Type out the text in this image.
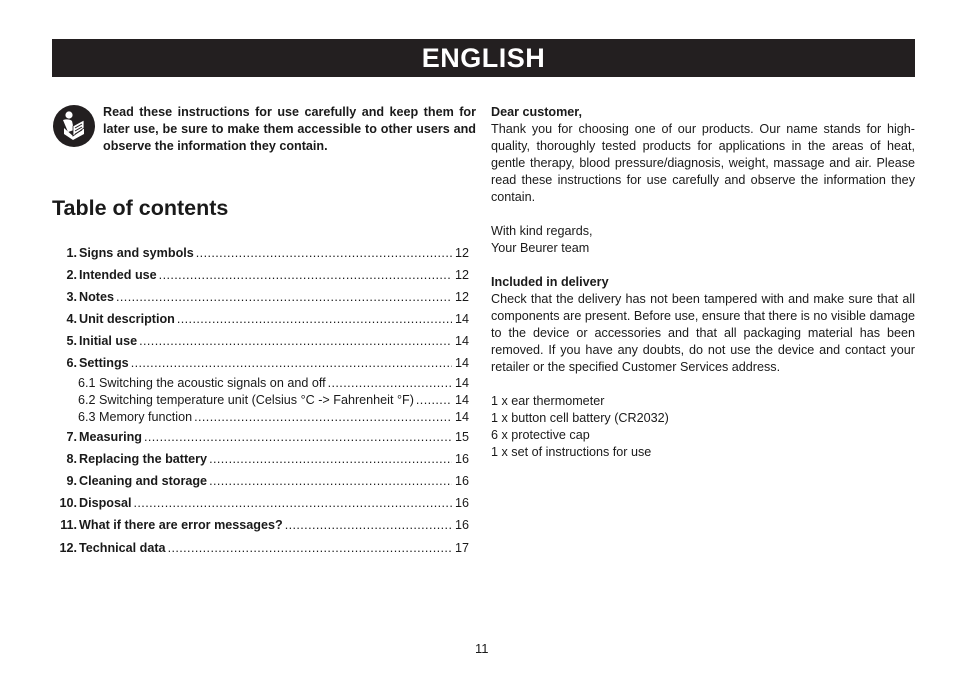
ENGLISH
Read these instructions for use carefully and keep them for later use, be sure to make them accessible to other users and observe the information they contain.
Table of contents
1. Signs and symbols .....	12
2. Intended use .....	12
3. Notes .....	12
4. Unit description .....	14
5. Initial use .....	14
6. Settings .....	14
6.1 Switching the acoustic signals on and off .....	14
6.2 Switching temperature unit (Celsius °C -> Fahrenheit °F) .....	14
6.3 Memory function .....	14
7. Measuring .....	15
8. Replacing the battery .....	16
9. Cleaning and storage .....	16
10. Disposal .....	16
11. What if there are error messages? .....	16
12. Technical data .....	17

Dear customer,

Thank you for choosing one of our products. Our name stands for high-quality, thoroughly tested products for applications in the areas of heat, gentle therapy, blood pressure/diagnosis, weight, massage and air. Please read these instructions for use carefully and observe the information they contain.

With kind regards,

Your Beurer team

Included in delivery

Check that the delivery has not been tampered with and make sure that all components are present. Before use, ensure that there is no visible damage to the device or accessories and that all packaging material has been removed. If you have any doubts, do not use the device and contact your retailer or the specified Customer Services address.

1 x ear thermometer

1 x button cell battery (CR2032)

6 x protective cap

1 x set of instructions for use

11
